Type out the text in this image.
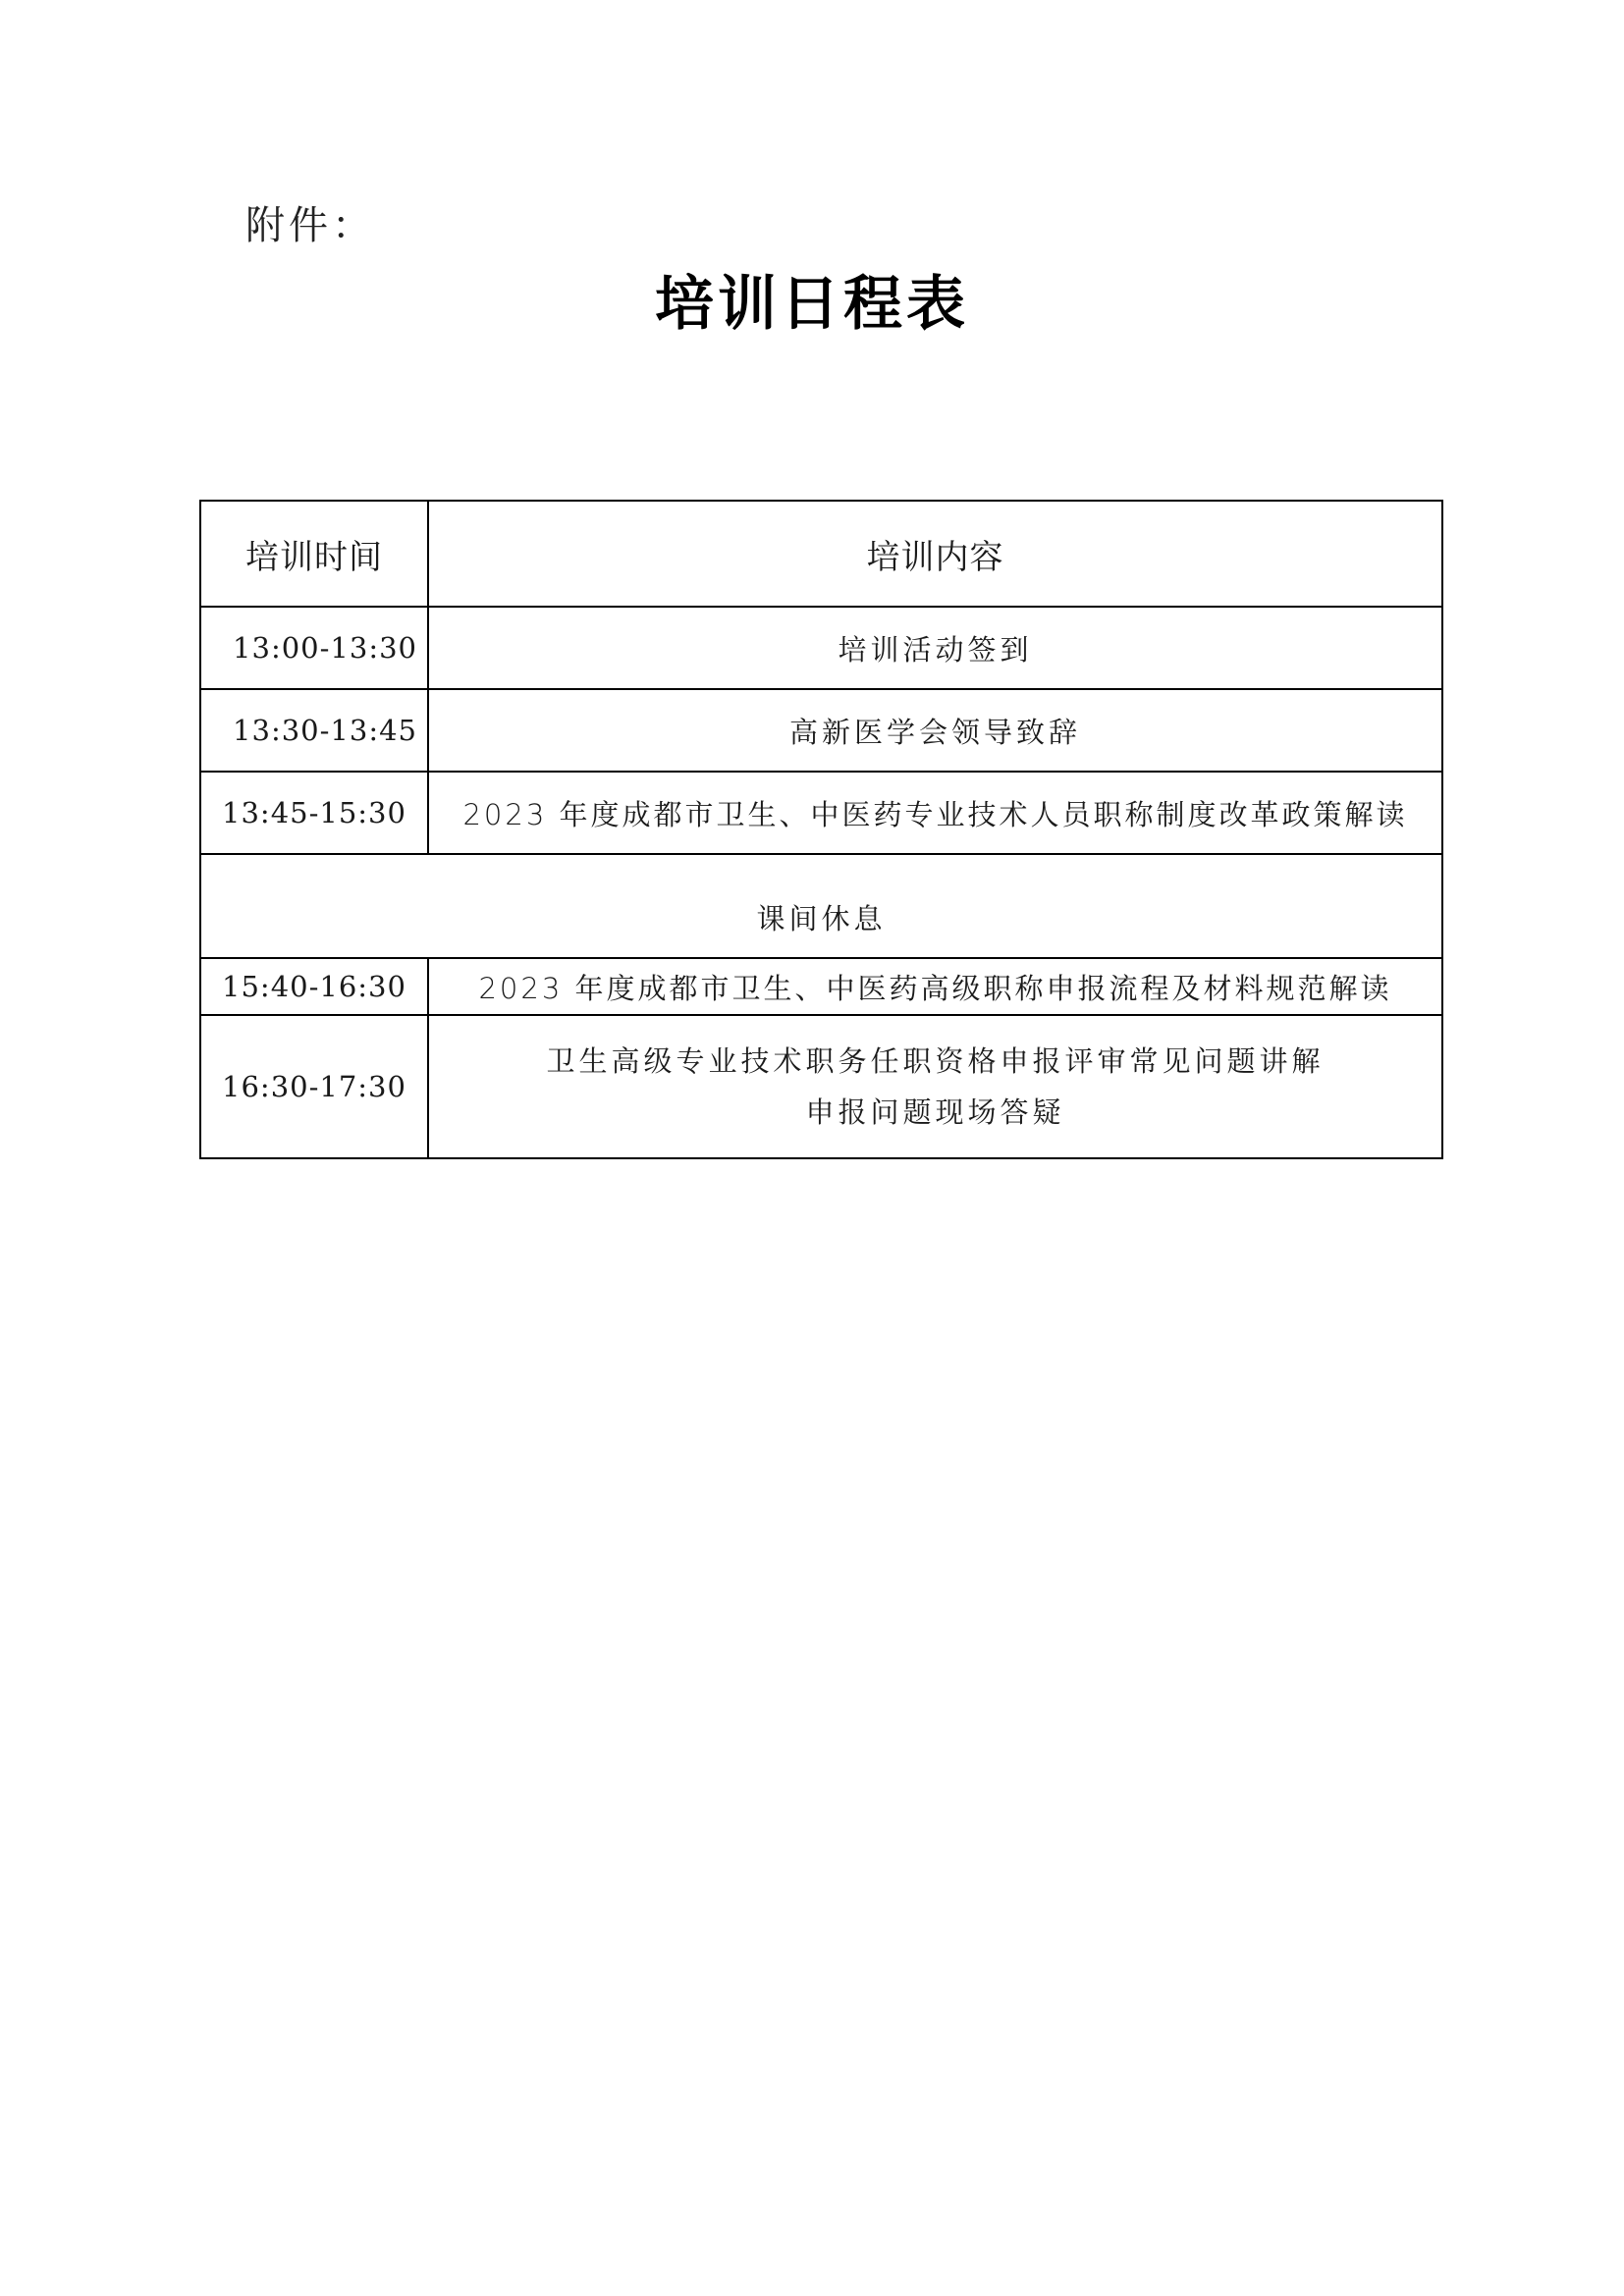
附件：
培训日程表
培训时间	培训内容
13:00-13:30	培训活动签到
13:30-13:45	高新医学会领导致辞
13:45-15:30	2023 年度成都市卫生、中医药专业技术人员职称制度改革政策解读
课间休息	
15:40-16:30	2023 年度成都市卫生、中医药高级职称申报流程及材料规范解读
16:30-17:30	卫生高级专业技术职务任职资格申报评审常见问题讲解
申报问题现场答疑
